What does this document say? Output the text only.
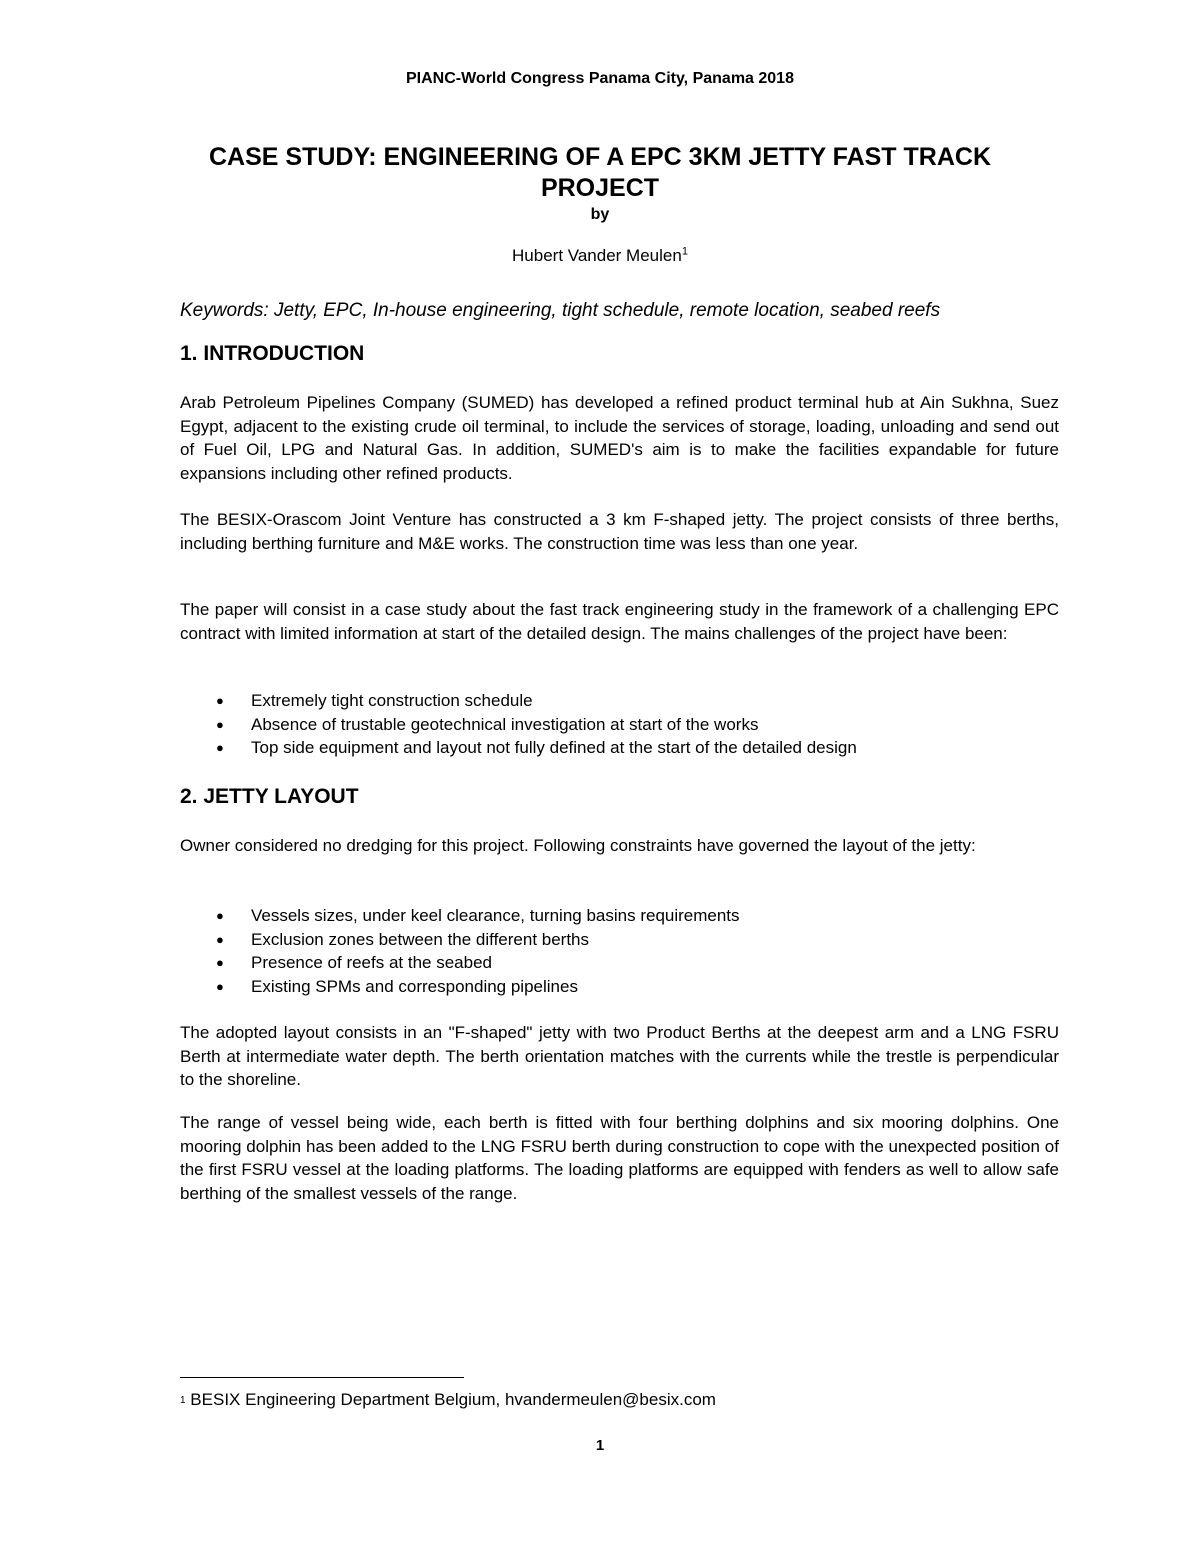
PIANC-World Congress Panama City, Panama 2018
CASE STUDY: ENGINEERING OF A EPC 3KM JETTY FAST TRACK PROJECT
by
Hubert Vander Meulen$^1$
Keywords: Jetty, EPC, In-house engineering, tight schedule, remote location, seabed reefs
1. INTRODUCTION
Arab Petroleum Pipelines Company (SUMED) has developed a refined product terminal hub at Ain Sukhna, Suez Egypt, adjacent to the existing crude oil terminal, to include the services of storage, loading, unloading and send out of Fuel Oil, LPG and Natural Gas. In addition, SUMED's aim is to make the facilities expandable for future expansions including other refined products.
The BESIX-Orascom Joint Venture has constructed a 3 km F-shaped jetty. The project consists of three berths, including berthing furniture and M&E works. The construction time was less than one year.
The paper will consist in a case study about the fast track engineering study in the framework of a challenging EPC contract with limited information at start of the detailed design. The mains challenges of the project have been:
● Extremely tight construction schedule
● Absence of trustable geotechnical investigation at start of the works
● Top side equipment and layout not fully defined at the start of the detailed design
2. JETTY LAYOUT
Owner considered no dredging for this project. Following constraints have governed the layout of the jetty:
● Vessels sizes, under keel clearance, turning basins requirements
● Exclusion zones between the different berths
● Presence of reefs at the seabed
● Existing SPMs and corresponding pipelines
The adopted layout consists in an "F-shaped" jetty with two Product Berths at the deepest arm and a LNG FSRU Berth at intermediate water depth. The berth orientation matches with the currents while the trestle is perpendicular to the shoreline.
The range of vessel being wide, each berth is fitted with four berthing dolphins and six mooring dolphins. One mooring dolphin has been added to the LNG FSRU berth during construction to cope with the unexpected position of the first FSRU vessel at the loading platforms. The loading platforms are equipped with fenders as well to allow safe berthing of the smallest vessels of the range.
1 BESIX Engineering Department Belgium, hvandermeulen@besix.com
1
